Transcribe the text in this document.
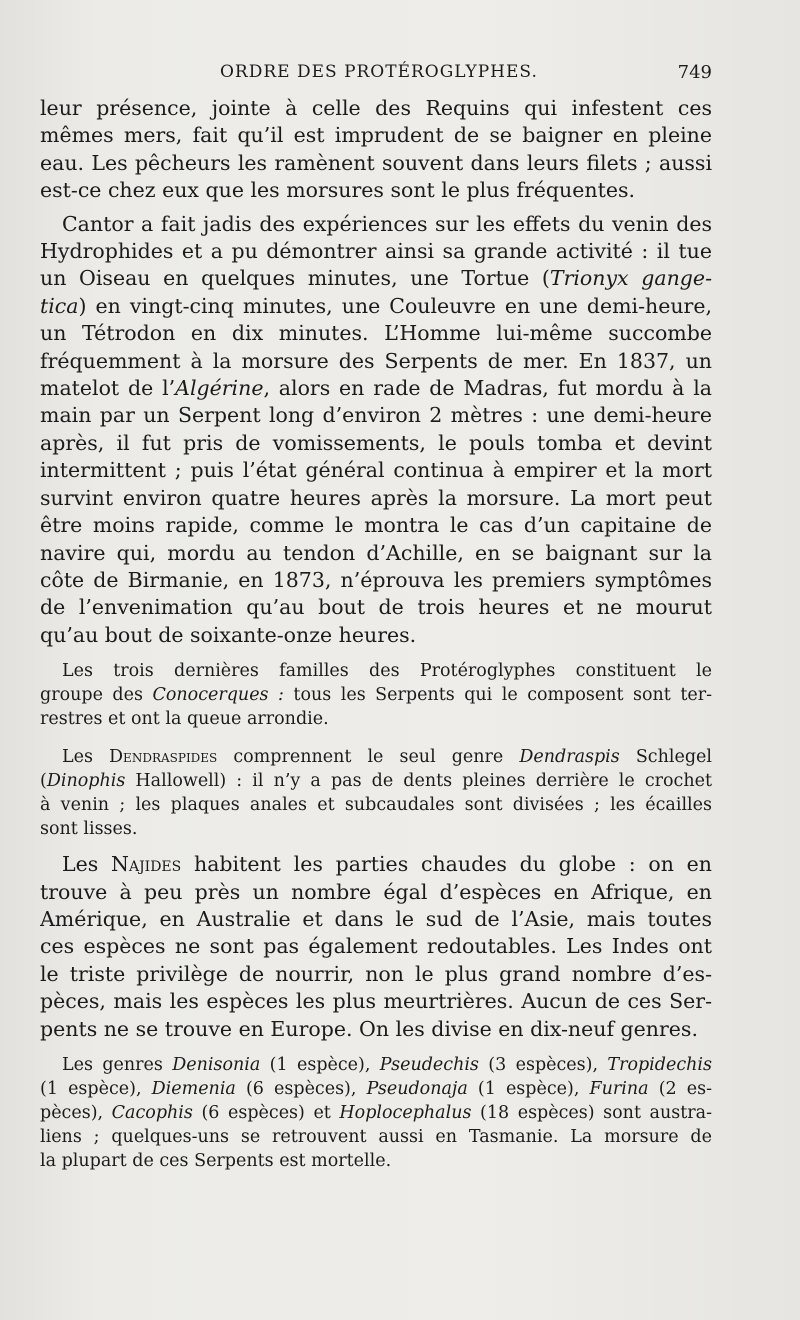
ORDRE DES PROTÉROGLYPHES.	749
leur présence, jointe à celle des Requins qui infestent ces
mêmes mers, fait qu’il est imprudent de se baigner en pleine
eau. Les pêcheurs les ramènent souvent dans leurs filets ; aussi
est-ce chez eux que les morsures sont le plus fréquentes.
Cantor a fait jadis des expériences sur les effets du venin des
Hydrophides et a pu démontrer ainsi sa grande activité : il tue
un Oiseau en quelques minutes, une Tortue (Trionyx gange-
tica) en vingt-cinq minutes, une Couleuvre en une demi-heure,
un Tétrodon en dix minutes. L’Homme lui-même succombe
fréquemment à la morsure des Serpents de mer. En 1837, un
matelot de l’Algérine, alors en rade de Madras, fut mordu à la
main par un Serpent long d’environ 2 mètres : une demi-heure
après, il fut pris de vomissements, le pouls tomba et devint
intermittent ; puis l’état général continua à empirer et la mort
survint environ quatre heures après la morsure. La mort peut
être moins rapide, comme le montra le cas d’un capitaine de
navire qui, mordu au tendon d’Achille, en se baignant sur la
côte de Birmanie, en 1873, n’éprouva les premiers symptômes
de l’envenimation qu’au bout de trois heures et ne mourut
qu’au bout de soixante-onze heures.
Les trois dernières familles des Protéroglyphes constituent le
groupe des Conocerques : tous les Serpents qui le composent sont ter-
restres et ont la queue arrondie.
Les Dendraspides comprennent le seul genre Dendraspis Schlegel
(Dinophis Hallowell) : il n’y a pas de dents pleines derrière le crochet
à venin ; les plaques anales et subcaudales sont divisées ; les écailles
sont lisses.
Les Najides habitent les parties chaudes du globe : on en
trouve à peu près un nombre égal d’espèces en Afrique, en
Amérique, en Australie et dans le sud de l’Asie, mais toutes
ces espèces ne sont pas également redoutables. Les Indes ont
le triste privilège de nourrir, non le plus grand nombre d’es-
pèces, mais les espèces les plus meurtrières. Aucun de ces Ser-
pents ne se trouve en Europe. On les divise en dix-neuf genres.
Les genres Denisonia (1 espèce), Pseudechis (3 espèces), Tropidechis
(1 espèce), Diemenia (6 espèces), Pseudonaja (1 espèce), Furina (2 es-
pèces), Cacophis (6 espèces) et Hoplocephalus (18 espèces) sont austra-
liens ; quelques-uns se retrouvent aussi en Tasmanie. La morsure de
la plupart de ces Serpents est mortelle.
